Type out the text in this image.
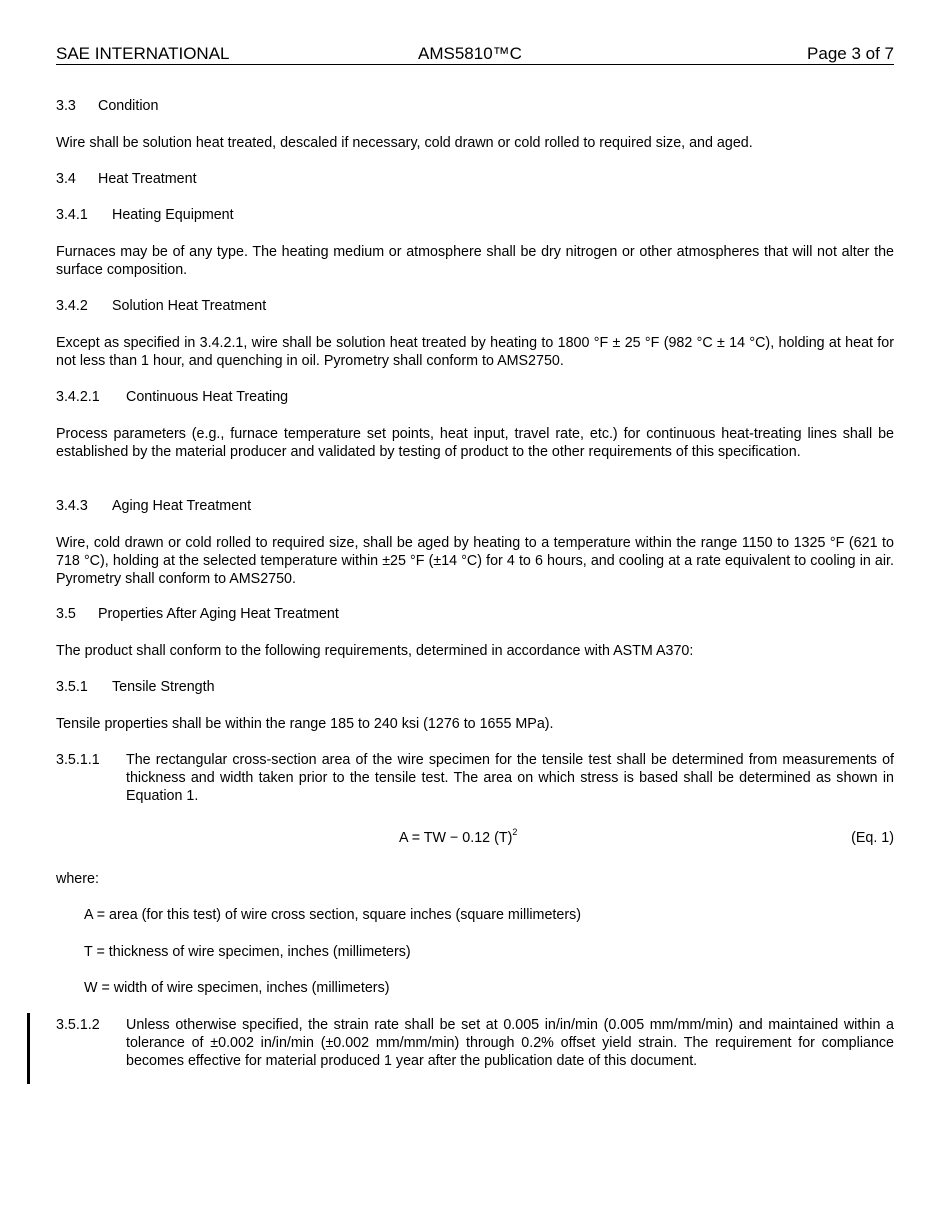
SAE INTERNATIONAL	AMS5810™C	Page 3 of 7
3.3 Condition
Wire shall be solution heat treated, descaled if necessary, cold drawn or cold rolled to required size, and aged.
3.4 Heat Treatment
3.4.1 Heating Equipment
Furnaces may be of any type. The heating medium or atmosphere shall be dry nitrogen or other atmospheres that will not alter the surface composition.
3.4.2 Solution Heat Treatment
Except as specified in 3.4.2.1, wire shall be solution heat treated by heating to 1800 °F ± 25 °F (982 °C ± 14 °C), holding at heat for not less than 1 hour, and quenching in oil. Pyrometry shall conform to AMS2750.
3.4.2.1 Continuous Heat Treating
Process parameters (e.g., furnace temperature set points, heat input, travel rate, etc.) for continuous heat-treating lines shall be established by the material producer and validated by testing of product to the other requirements of this specification.
3.4.3 Aging Heat Treatment
Wire, cold drawn or cold rolled to required size, shall be aged by heating to a temperature within the range 1150 to 1325 °F (621 to 718 °C), holding at the selected temperature within ±25 °F (±14 °C) for 4 to 6 hours, and cooling at a rate equivalent to cooling in air. Pyrometry shall conform to AMS2750.
3.5 Properties After Aging Heat Treatment
The product shall conform to the following requirements, determined in accordance with ASTM A370:
3.5.1 Tensile Strength
Tensile properties shall be within the range 185 to 240 ksi (1276 to 1655 MPa).
3.5.1.1 The rectangular cross-section area of the wire specimen for the tensile test shall be determined from measurements of thickness and width taken prior to the tensile test. The area on which stress is based shall be determined as shown in Equation 1.
A = TW − 0.12 $(T)^2$	(Eq. 1)
where:
A = area (for this test) of wire cross section, square inches (square millimeters)
T = thickness of wire specimen, inches (millimeters)
W = width of wire specimen, inches (millimeters)
3.5.1.2 Unless otherwise specified, the strain rate shall be set at 0.005 in/in/min (0.005 mm/mm/min) and maintained within a tolerance of ±0.002 in/in/min (±0.002 mm/mm/min) through 0.2% offset yield strain. The requirement for compliance becomes effective for material produced 1 year after the publication date of this document.
